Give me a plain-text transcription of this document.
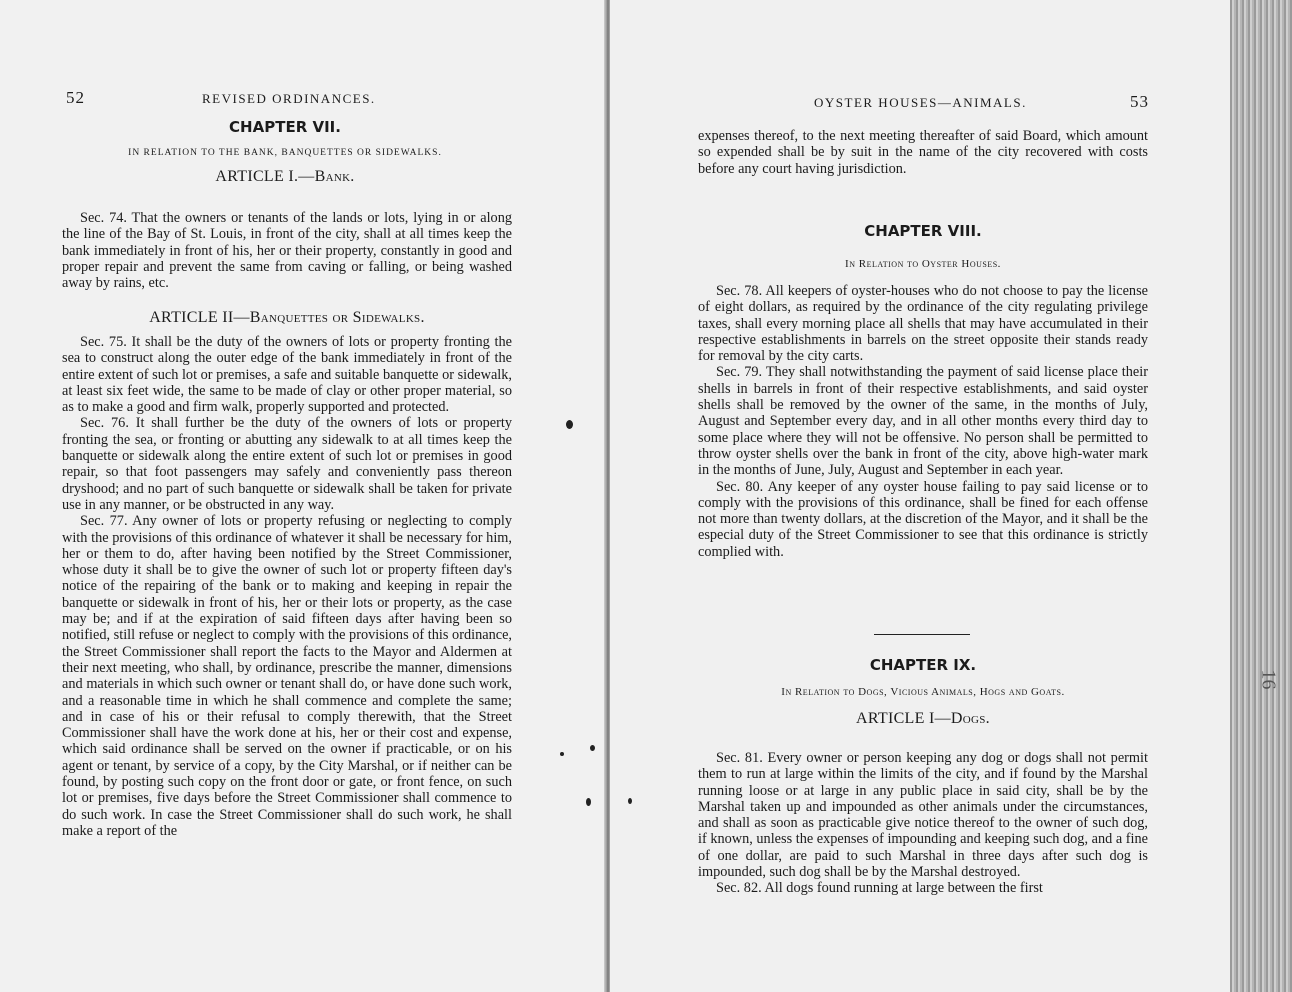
52	REVISED ORDINANCES.

CHAPTER VII.

IN RELATION TO THE BANK, BANQUETTES OR SIDEWALKS.

ARTICLE I.—Bank.

Sec. 74. That the owners or tenants of the lands or lots, lying in or along the line of the Bay of St. Louis, in front of the city, shall at all times keep the bank immediately in front of his, her or their property, constantly in good and proper repair and prevent the same from caving or falling, or being washed away by rains, etc.

ARTICLE II—Banquettes or Sidewalks.

Sec. 75. It shall be the duty of the owners of lots or property fronting the sea to construct along the outer edge of the bank immediately in front of the entire extent of such lot or premises, a safe and suitable banquette or sidewalk, at least six feet wide, the same to be made of clay or other proper material, so as to make a good and firm walk, properly supported and protected.

Sec. 76. It shall further be the duty of the owners of lots or property fronting the sea, or fronting or abutting any sidewalk to at all times keep the banquette or sidewalk along the entire extent of such lot or premises in good repair, so that foot passengers may safely and conveniently pass thereon dryshood; and no part of such banquette or sidewalk shall be taken for private use in any manner, or be obstructed in any way.

Sec. 77. Any owner of lots or property refusing or neglecting to comply with the provisions of this ordinance of whatever it shall be necessary for him, her or them to do, after having been notified by the Street Commissioner, whose duty it shall be to give the owner of such lot or property fifteen day's notice of the repairing of the bank or to making and keeping in repair the banquette or sidewalk in front of his, her or their lots or property, as the case may be; and if at the expiration of said fifteen days after having been so notified, still refuse or neglect to comply with the provisions of this ordinance, the Street Commissioner shall report the facts to the Mayor and Aldermen at their next meeting, who shall, by ordinance, prescribe the manner, dimensions and materials in which such owner or tenant shall do, or have done such work, and a reasonable time in which he shall commence and complete the same; and in case of his or their refusal to comply therewith, that the Street Commissioner shall have the work done at his, her or their cost and expense, which said ordinance shall be served on the owner if practicable, or on his agent or tenant, by service of a copy, by the City Marshal, or if neither can be found, by posting such copy on the front door or gate, or front fence, on such lot or premises, five days before the Street Commissioner shall commence to do such work. In case the Street Commissioner shall do such work, he shall make a report of the

OYSTER HOUSES—ANIMALS.	53

expenses thereof, to the next meeting thereafter of said Board, which amount so expended shall be by suit in the name of the city recovered with costs before any court having jurisdiction.

CHAPTER VIII.

In Relation to Oyster Houses.

Sec. 78. All keepers of oyster-houses who do not choose to pay the license of eight dollars, as required by the ordinance of the city regulating privilege taxes, shall every morning place all shells that may have accumulated in their respective establishments in barrels on the street opposite their stands ready for removal by the city carts.

Sec. 79. They shall notwithstanding the payment of said license place their shells in barrels in front of their respective establishments, and said oyster shells shall be removed by the owner of the same, in the months of July, August and September every day, and in all other months every third day to some place where they will not be offensive. No person shall be permitted to throw oyster shells over the bank in front of the city, above high-water mark in the months of June, July, August and September in each year.

Sec. 80. Any keeper of any oyster house failing to pay said license or to comply with the provisions of this ordinance, shall be fined for each offense not more than twenty dollars, at the discretion of the Mayor, and it shall be the especial duty of the Street Commissioner to see that this ordinance is strictly complied with.

CHAPTER IX.

In Relation to Dogs, Vicious Animals, Hogs and Goats.

ARTICLE I—Dogs.

Sec. 81. Every owner or person keeping any dog or dogs shall not permit them to run at large within the limits of the city, and if found by the Marshal running loose or at large in any public place in said city, shall be by the Marshal taken up and impounded as other animals under the circumstances, and shall as soon as practicable give notice thereof to the owner of such dog, if known, unless the expenses of impounding and keeping such dog, and a fine of one dollar, are paid to such Marshal in three days after such dog is impounded, such dog shall be by the Marshal destroyed.

Sec. 82. All dogs found running at large between the first

16
